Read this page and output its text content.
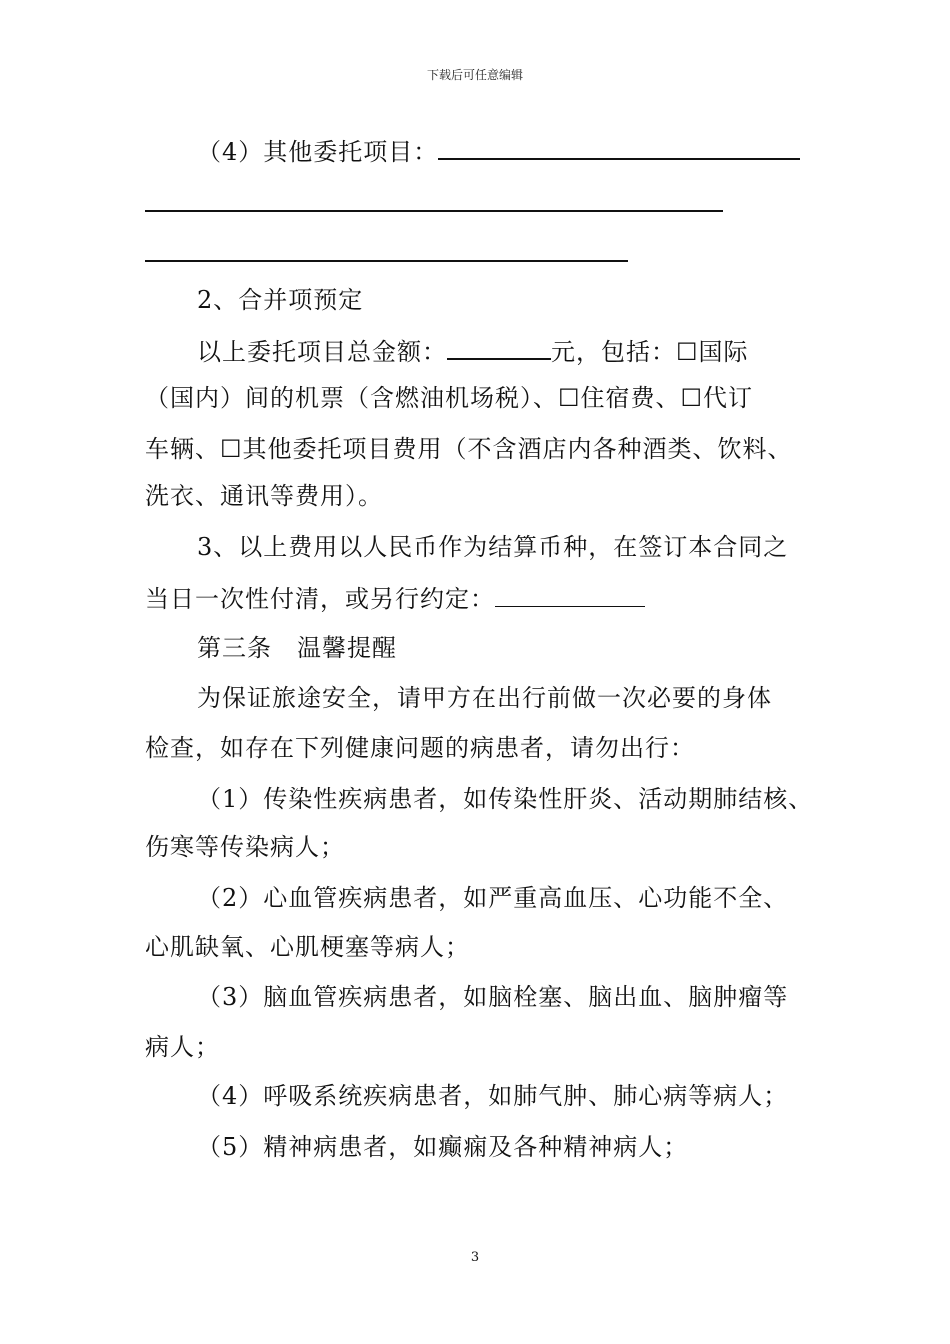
下载后可任意编辑
（4）其他委托项目：
2、合并项预定
以上委托项目总金额：	元，包括：☐国际
（国内）间的机票（含燃油机场税）、☐住宿费、☐代订
车辆、☐其他委托项目费用（不含酒店内各种酒类、饮料、
洗衣、通讯等费用）。
3、以上费用以人民币作为结算币种，在签订本合同之
当日一次性付清，或另行约定：
第三条　温馨提醒
为保证旅途安全，请甲方在出行前做一次必要的身体
检查，如存在下列健康问题的病患者，请勿出行：
（1）传染性疾病患者，如传染性肝炎、活动期肺结核、
伤寒等传染病人；
（2）心血管疾病患者，如严重高血压、心功能不全、
心肌缺氧、心肌梗塞等病人；
（3）脑血管疾病患者，如脑栓塞、脑出血、脑肿瘤等
病人；
（4）呼吸系统疾病患者，如肺气肿、肺心病等病人；
（5）精神病患者，如癫痫及各种精神病人；
3
